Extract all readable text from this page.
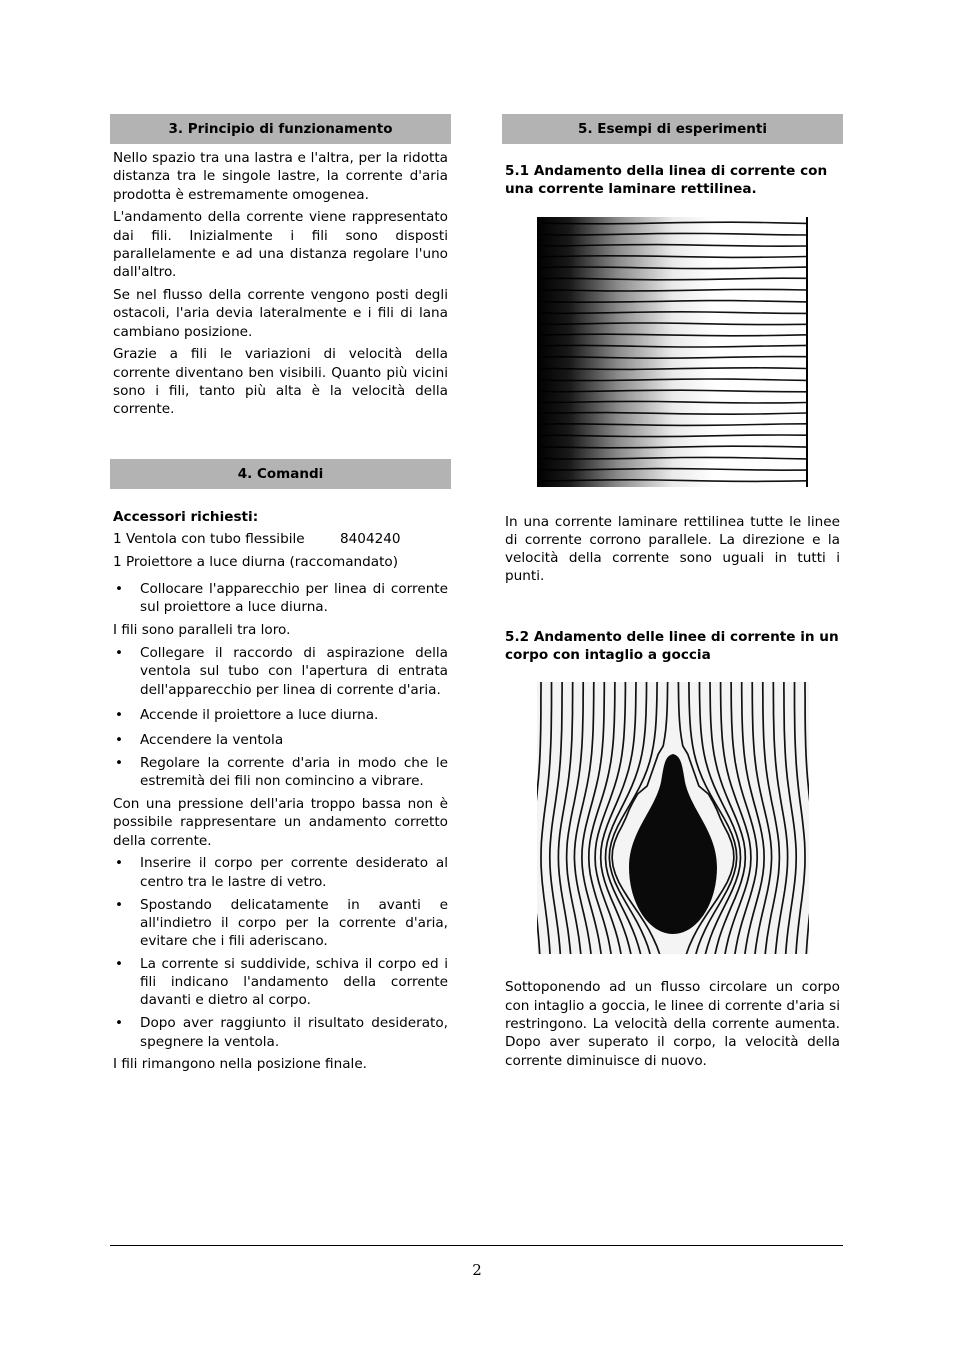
3. Principio di funzionamento

Nello spazio tra una lastra e l'altra, per la ridotta distanza tra le singole lastre, la corrente d'aria prodotta è estremamente omogenea.

L'andamento della corrente viene rappresentato dai fili. Inizialmente i fili sono disposti parallelamente e ad una distanza regolare l'uno dall'altro.

Se nel flusso della corrente vengono posti degli ostacoli, l'aria devia lateralmente e i fili di lana cambiano posizione.

Grazie a fili le variazioni di velocità della corrente diventano ben visibili. Quanto più vicini sono i fili, tanto più alta è la velocità della corrente.

4. Comandi
Accessori richiesti:
1 Ventola con tubo flessibile	8404240

1 Proiettore a luce diurna (raccomandato)

• Collocare l'apparecchio per linea di corrente sul proiettore a luce diurna.

I fili sono paralleli tra loro.

• Collegare il raccordo di aspirazione della ventola sul tubo con l'apertura di entrata dell'apparecchio per linea di corrente d'aria.
• Accende il proiettore a luce diurna.
• Accendere la ventola
• Regolare la corrente d'aria in modo che le estremità dei fili non comincino a vibrare.

Con una pressione dell'aria troppo bassa non è possibile rappresentare un andamento corretto della corrente.

• Inserire il corpo per corrente desiderato al centro tra le lastre di vetro.
• Spostando delicatamente in avanti e all'indietro il corpo per la corrente d'aria, evitare che i fili aderiscano.
• La corrente si suddivide, schiva il corpo ed i fili indicano l'andamento della corrente davanti e dietro al corpo.
• Dopo aver raggiunto il risultato desiderato, spegnere la ventola.

I fili rimangono nella posizione finale.

5. Esempi di esperimenti
5.1 Andamento della linea di corrente con una corrente laminare rettilinea.

In una corrente laminare rettilinea tutte le linee di corrente corrono parallele. La direzione e la velocità della corrente sono uguali in tutti i punti.

5.2 Andamento delle linee di corrente in un corpo con intaglio a goccia

Sottoponendo ad un flusso circolare un corpo con intaglio a goccia, le linee di corrente d'aria si restringono. La velocità della corrente aumenta. Dopo aver superato il corpo, la velocità della corrente diminuisce di nuovo.

2
